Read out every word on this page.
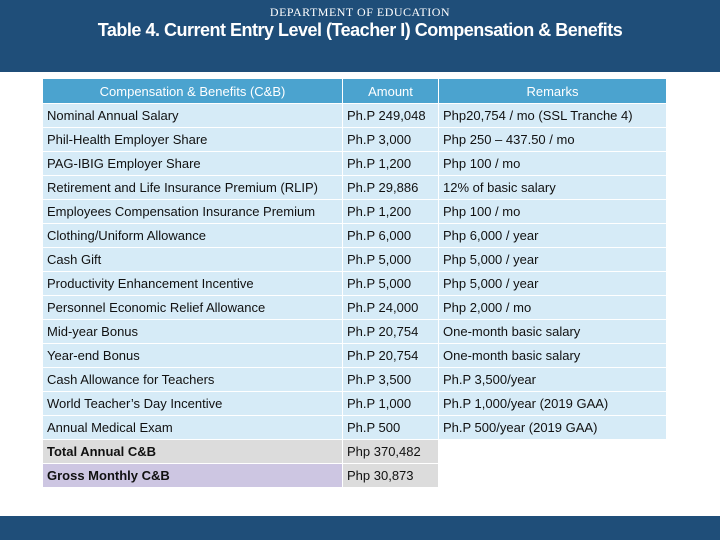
Table 4. Current Entry Level (Teacher I) Compensation & Benefits
Compensation & Benefits (C&B)	Amount	Remarks
Nominal Annual Salary	Ph.P 249,048	Php20,754 / mo (SSL Tranche 4)
Phil-Health Employer Share	Ph.P 3,000	Php 250 – 437.50 / mo
PAG-IBIG Employer Share	Ph.P 1,200	Php 100 / mo
Retirement and Life Insurance Premium (RLIP)	Ph.P 29,886	12% of basic salary
Employees Compensation Insurance Premium	Ph.P 1,200	Php 100 / mo
Clothing/Uniform Allowance	Ph.P 6,000	Php 6,000 / year
Cash Gift	Ph.P 5,000	Php 5,000 / year
Productivity Enhancement Incentive	Ph.P 5,000	Php 5,000 / year
Personnel Economic Relief Allowance	Ph.P 24,000	Php 2,000 / mo
Mid-year Bonus	Ph.P 20,754	One-month basic salary
Year-end Bonus	Ph.P 20,754	One-month basic salary
Cash Allowance for Teachers	Ph.P 3,500	Ph.P 3,500/year
World Teacher’s Day Incentive	Ph.P 1,000	Ph.P 1,000/year (2019 GAA)
Annual Medical Exam	Ph.P 500	Ph.P 500/year (2019 GAA)
Total Annual C&B	Php 370,482	
Gross Monthly C&B	Php 30,873	
DEPARTMENT OF EDUCATION
